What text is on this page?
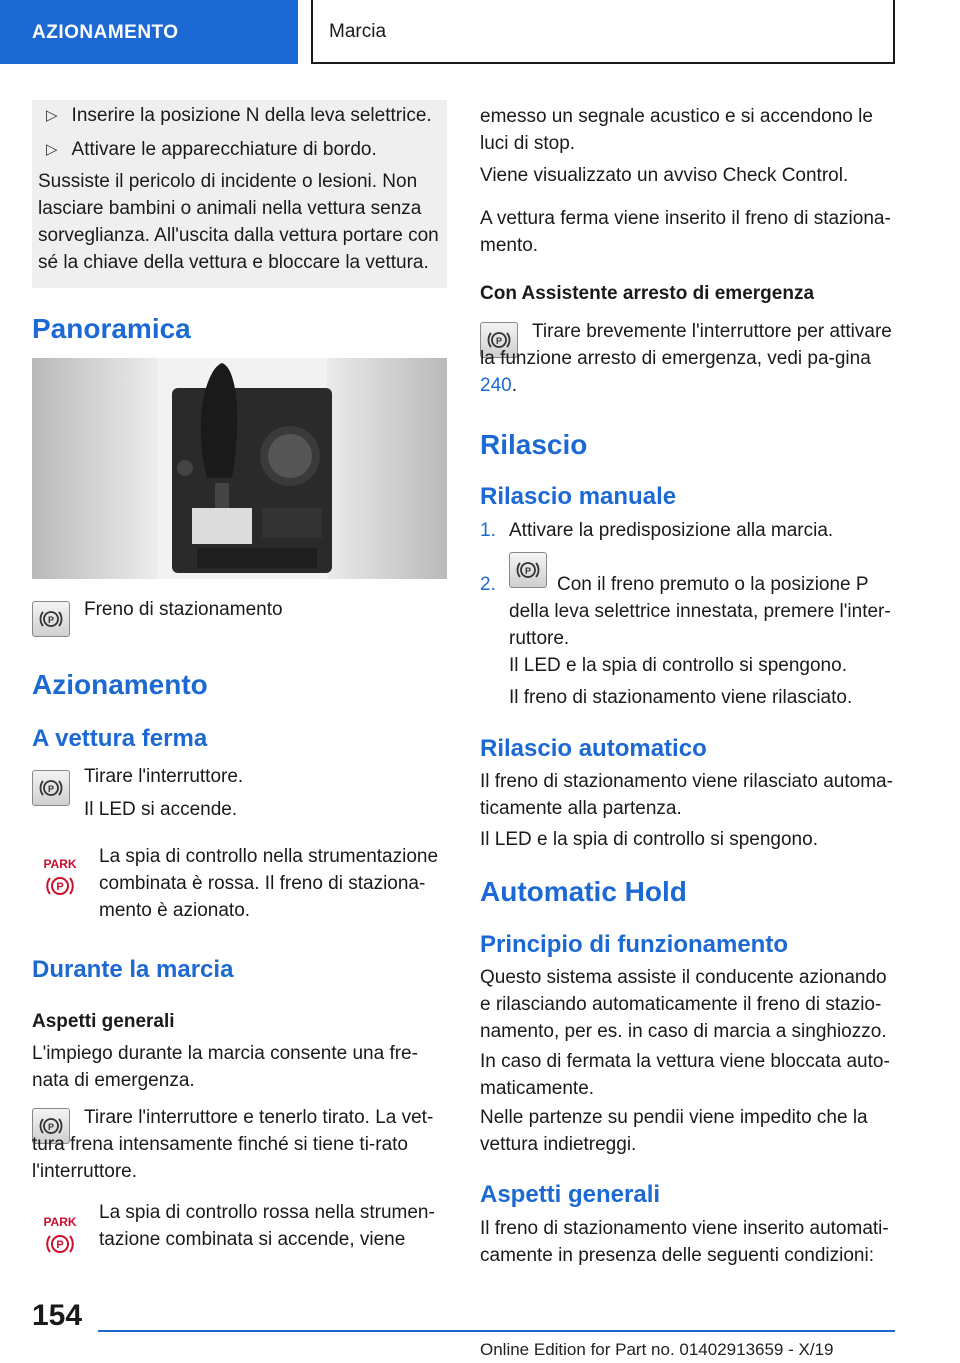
AZIONAMENTO	Marcia
▷ Inserire la posizione N della leva selettrice.
▷ Attivare le apparecchiature di bordo.
Sussiste il pericolo di incidente o lesioni. Non lasciare bambini o animali nella vettura senza sorveglianza. All'uscita dalla vettura portare con sé la chiave della vettura e bloccare la vettura.
Panoramica
P Freno di stazionamento
Azionamento
A vettura ferma
P
Tirare l'interruttore.
Il LED si accende.
PARK
P
La spia di controllo nella strumentazione combinata è rossa. Il freno di staziona-mento è azionato.
Durante la marcia
Aspetti generali
L'impiego durante la marcia consente una fre-nata di emergenza.
P	Tirare l'interruttore e tenerlo tirato. La vet-tura frena intensamente finché si tiene ti-rato l'interruttore.
PARK
P
La spia di controllo rossa nella strumen-tazione combinata si accende, viene
emesso un segnale acustico e si accendono le luci di stop.
Viene visualizzato un avviso Check Control.
A vettura ferma viene inserito il freno di staziona-mento.
Con Assistente arresto di emergenza
P	Tirare brevemente l'interruttore per attivare la funzione arresto di emergenza, vedi pa-gina 240.
Rilascio
Rilascio manuale
1. Attivare la predisposizione alla marcia.
2.
P
Con il freno premuto o la posizione P della leva selettrice innestata, premere l'inter-ruttore.
Il LED e la spia di controllo si spengono.
Il freno di stazionamento viene rilasciato.
Rilascio automatico
Il freno di stazionamento viene rilasciato automa-ticamente alla partenza.
Il LED e la spia di controllo si spengono.
Automatic Hold
Principio di funzionamento
Questo sistema assiste il conducente azionando e rilasciando automaticamente il freno di stazio-namento, per es. in caso di marcia a singhiozzo.
In caso di fermata la vettura viene bloccata auto-maticamente.
Nelle partenze su pendii viene impedito che la vettura indietreggi.
Aspetti generali
Il freno di stazionamento viene inserito automati-camente in presenza delle seguenti condizioni:
154
Online Edition for Part no. 01402913659 - X/19
